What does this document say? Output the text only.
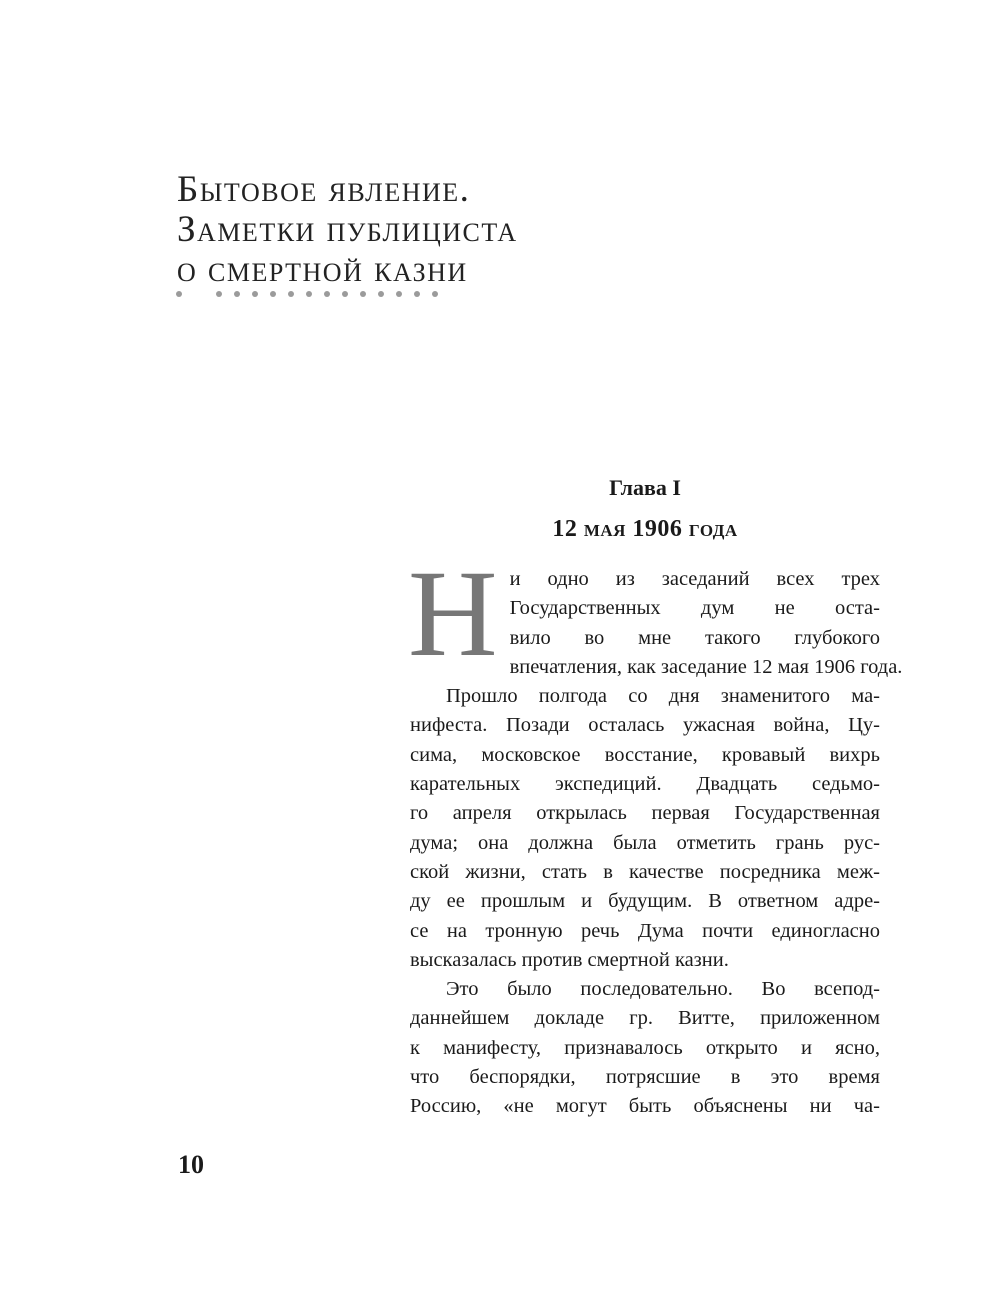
Бытовое явление.
Заметки публициста
о смертной казни
Глава I
12 мая 1906 года

Н и одно из заседаний всех трех
Государственных дум не оста-
вило во мне такого глубокого
впечатления, как заседание 12 мая 1906 года.

Прошло полгода со дня знаменитого ма-
нифеста. Позади осталась ужасная война, Цу-
сима, московское восстание, кровавый вихрь
карательных экспедиций. Двадцать седьмо-
го апреля открылась первая Государственная
дума; она должна была отметить грань рус-
ской жизни, стать в качестве посредника меж-
ду ее прошлым и будущим. В ответном адре-
се на тронную речь Дума почти единогласно
высказалась против смертной казни.

Это было последовательно. Во всепод-
даннейшем докладе гр. Витте, приложенном
к манифесту, признавалось открыто и ясно,
что беспорядки, потрясшие в это время
Россию, «не могут быть объяснены ни ча-

10
